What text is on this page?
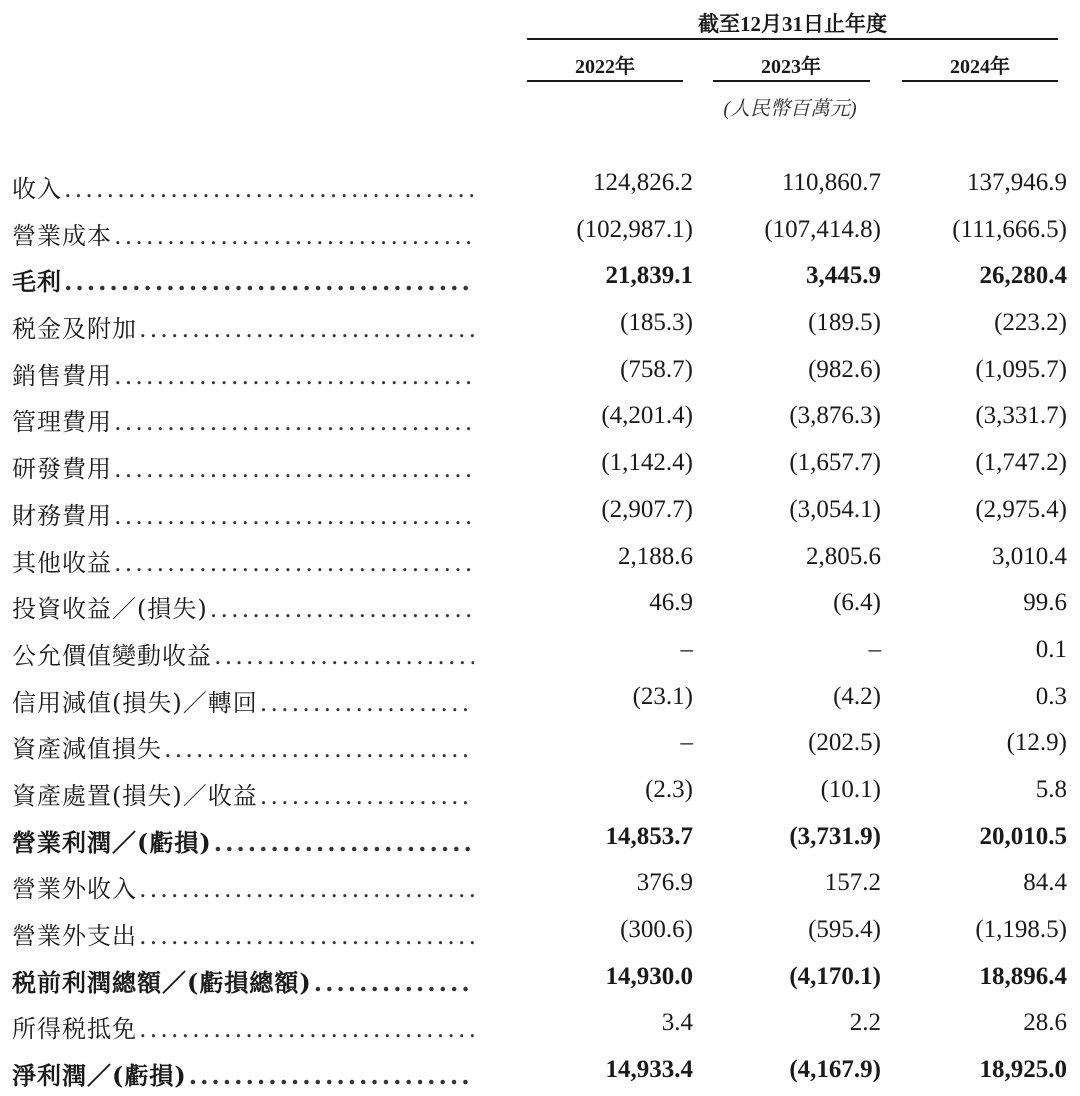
截至12月31日止年度
2022年	2023年	2024年
(人民幣百萬元)
收入 .....	124,826.2	110,860.7	137,946.9
營業成本 .....	(102,987.1)	(107,414.8)	(111,666.5)
毛利 .....	21,839.1	3,445.9	26,280.4
税金及附加 .....	(185.3)	(189.5)	(223.2)
銷售費用 .....	(758.7)	(982.6)	(1,095.7)
管理費用 .....	(4,201.4)	(3,876.3)	(3,331.7)
研發費用 .....	(1,142.4)	(1,657.7)	(1,747.2)
財務費用 .....	(2,907.7)	(3,054.1)	(2,975.4)
其他收益 .....	2,188.6	2,805.6	3,010.4
投資收益／(損失) .....	46.9	(6.4)	99.6
公允價值變動收益 .....	–	–	0.1
信用減值(損失)／轉回 .....	(23.1)	(4.2)	0.3
資產減值損失 .....	–	(202.5)	(12.9)
資產處置(損失)／收益 .....	(2.3)	(10.1)	5.8
營業利潤／(虧損) .....	14,853.7	(3,731.9)	20,010.5
營業外收入 .....	376.9	157.2	84.4
營業外支出 .....	(300.6)	(595.4)	(1,198.5)
税前利潤總額／(虧損總額) .....	14,930.0	(4,170.1)	18,896.4
所得税抵免 .....	3.4	2.2	28.6
淨利潤／(虧損) .....	14,933.4	(4,167.9)	18,925.0
